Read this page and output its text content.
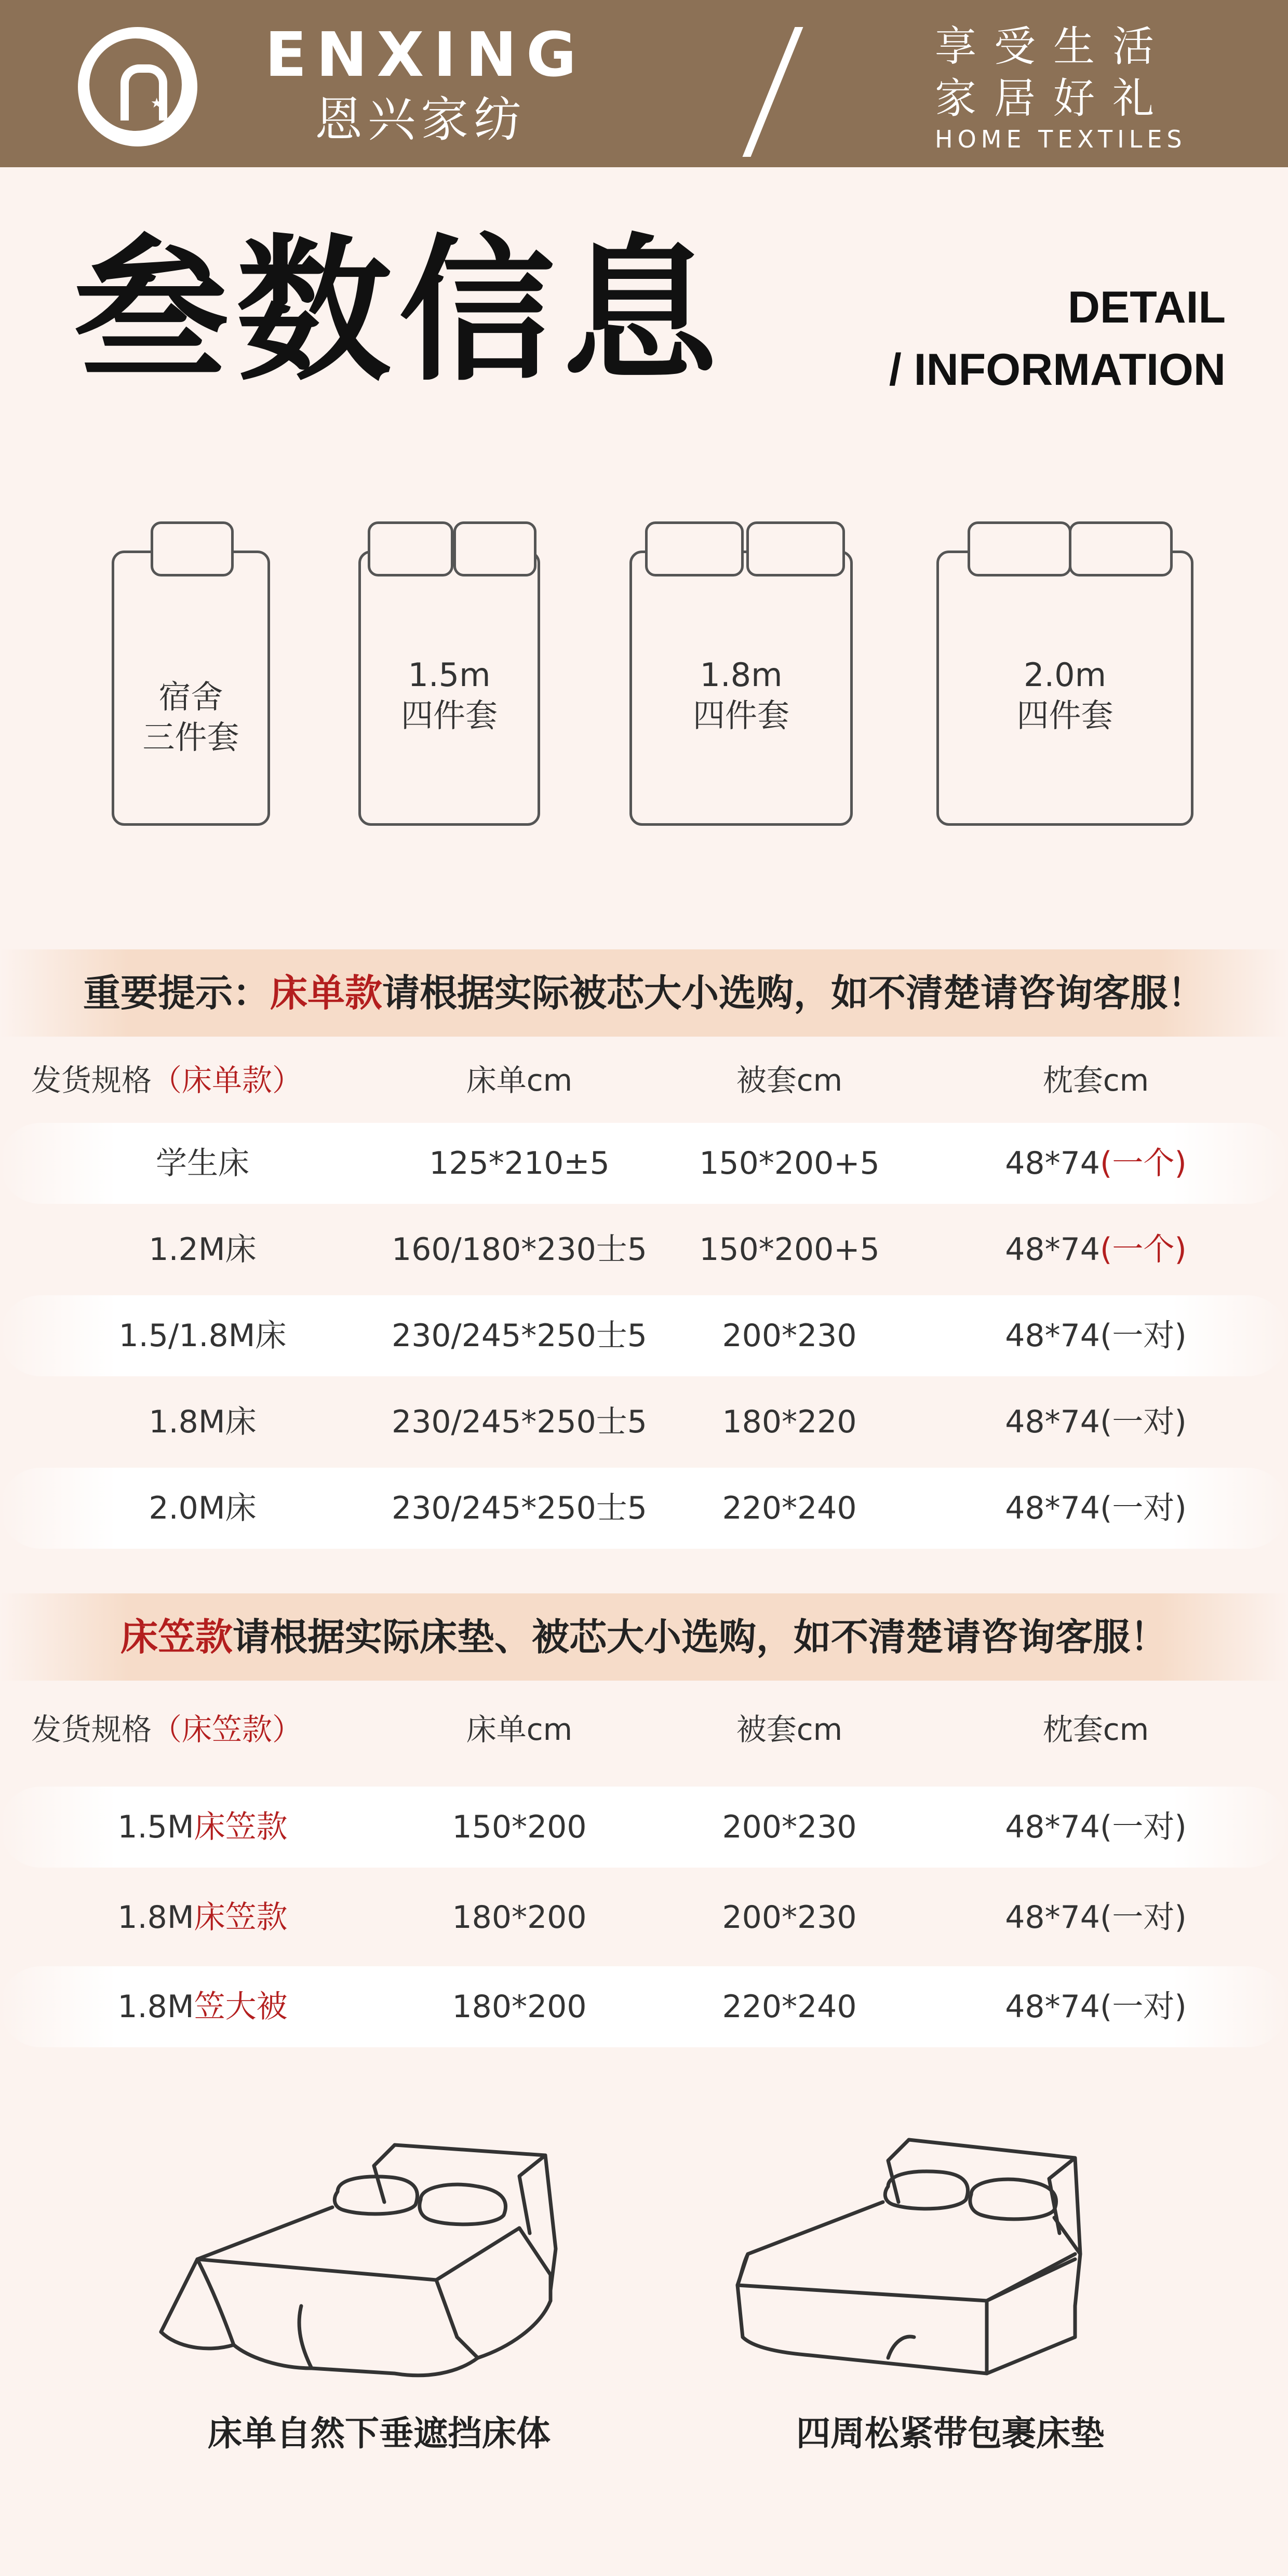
★
ENXING
恩兴家纺
享受生活
家居好礼
HOME TEXTILES
叁数信息	DETAIL
/ INFORMATION
宿舍
三件套
1.5m
四件套
1.8m
四件套
2.0m
四件套
重要提示：床单款请根据实际被芯大小选购，如不清楚请咨询客服！
发货规格（床单款）	床单cm	被套cm	枕套cm
学生床	125*210±5	150*200+5	48*74(一个)
1.2M床	160/180*230士5	150*200+5	48*74(一个)
1.5/1.8M床	230/245*250士5	200*230	48*74(一对)
1.8M床	230/245*250士5	180*220	48*74(一对)
2.0M床	230/245*250士5	220*240	48*74(一对)
床笠款请根据实际床垫、被芯大小选购，如不清楚请咨询客服！
发货规格（床笠款）	床单cm	被套cm	枕套cm
1.5M床笠款	150*200	200*230	48*74(一对)
1.8M床笠款	180*200	200*230	48*74(一对)
1.8M笠大被	180*200	220*240	48*74(一对)
床单自然下垂遮挡床体	四周松紧带包裹床垫
